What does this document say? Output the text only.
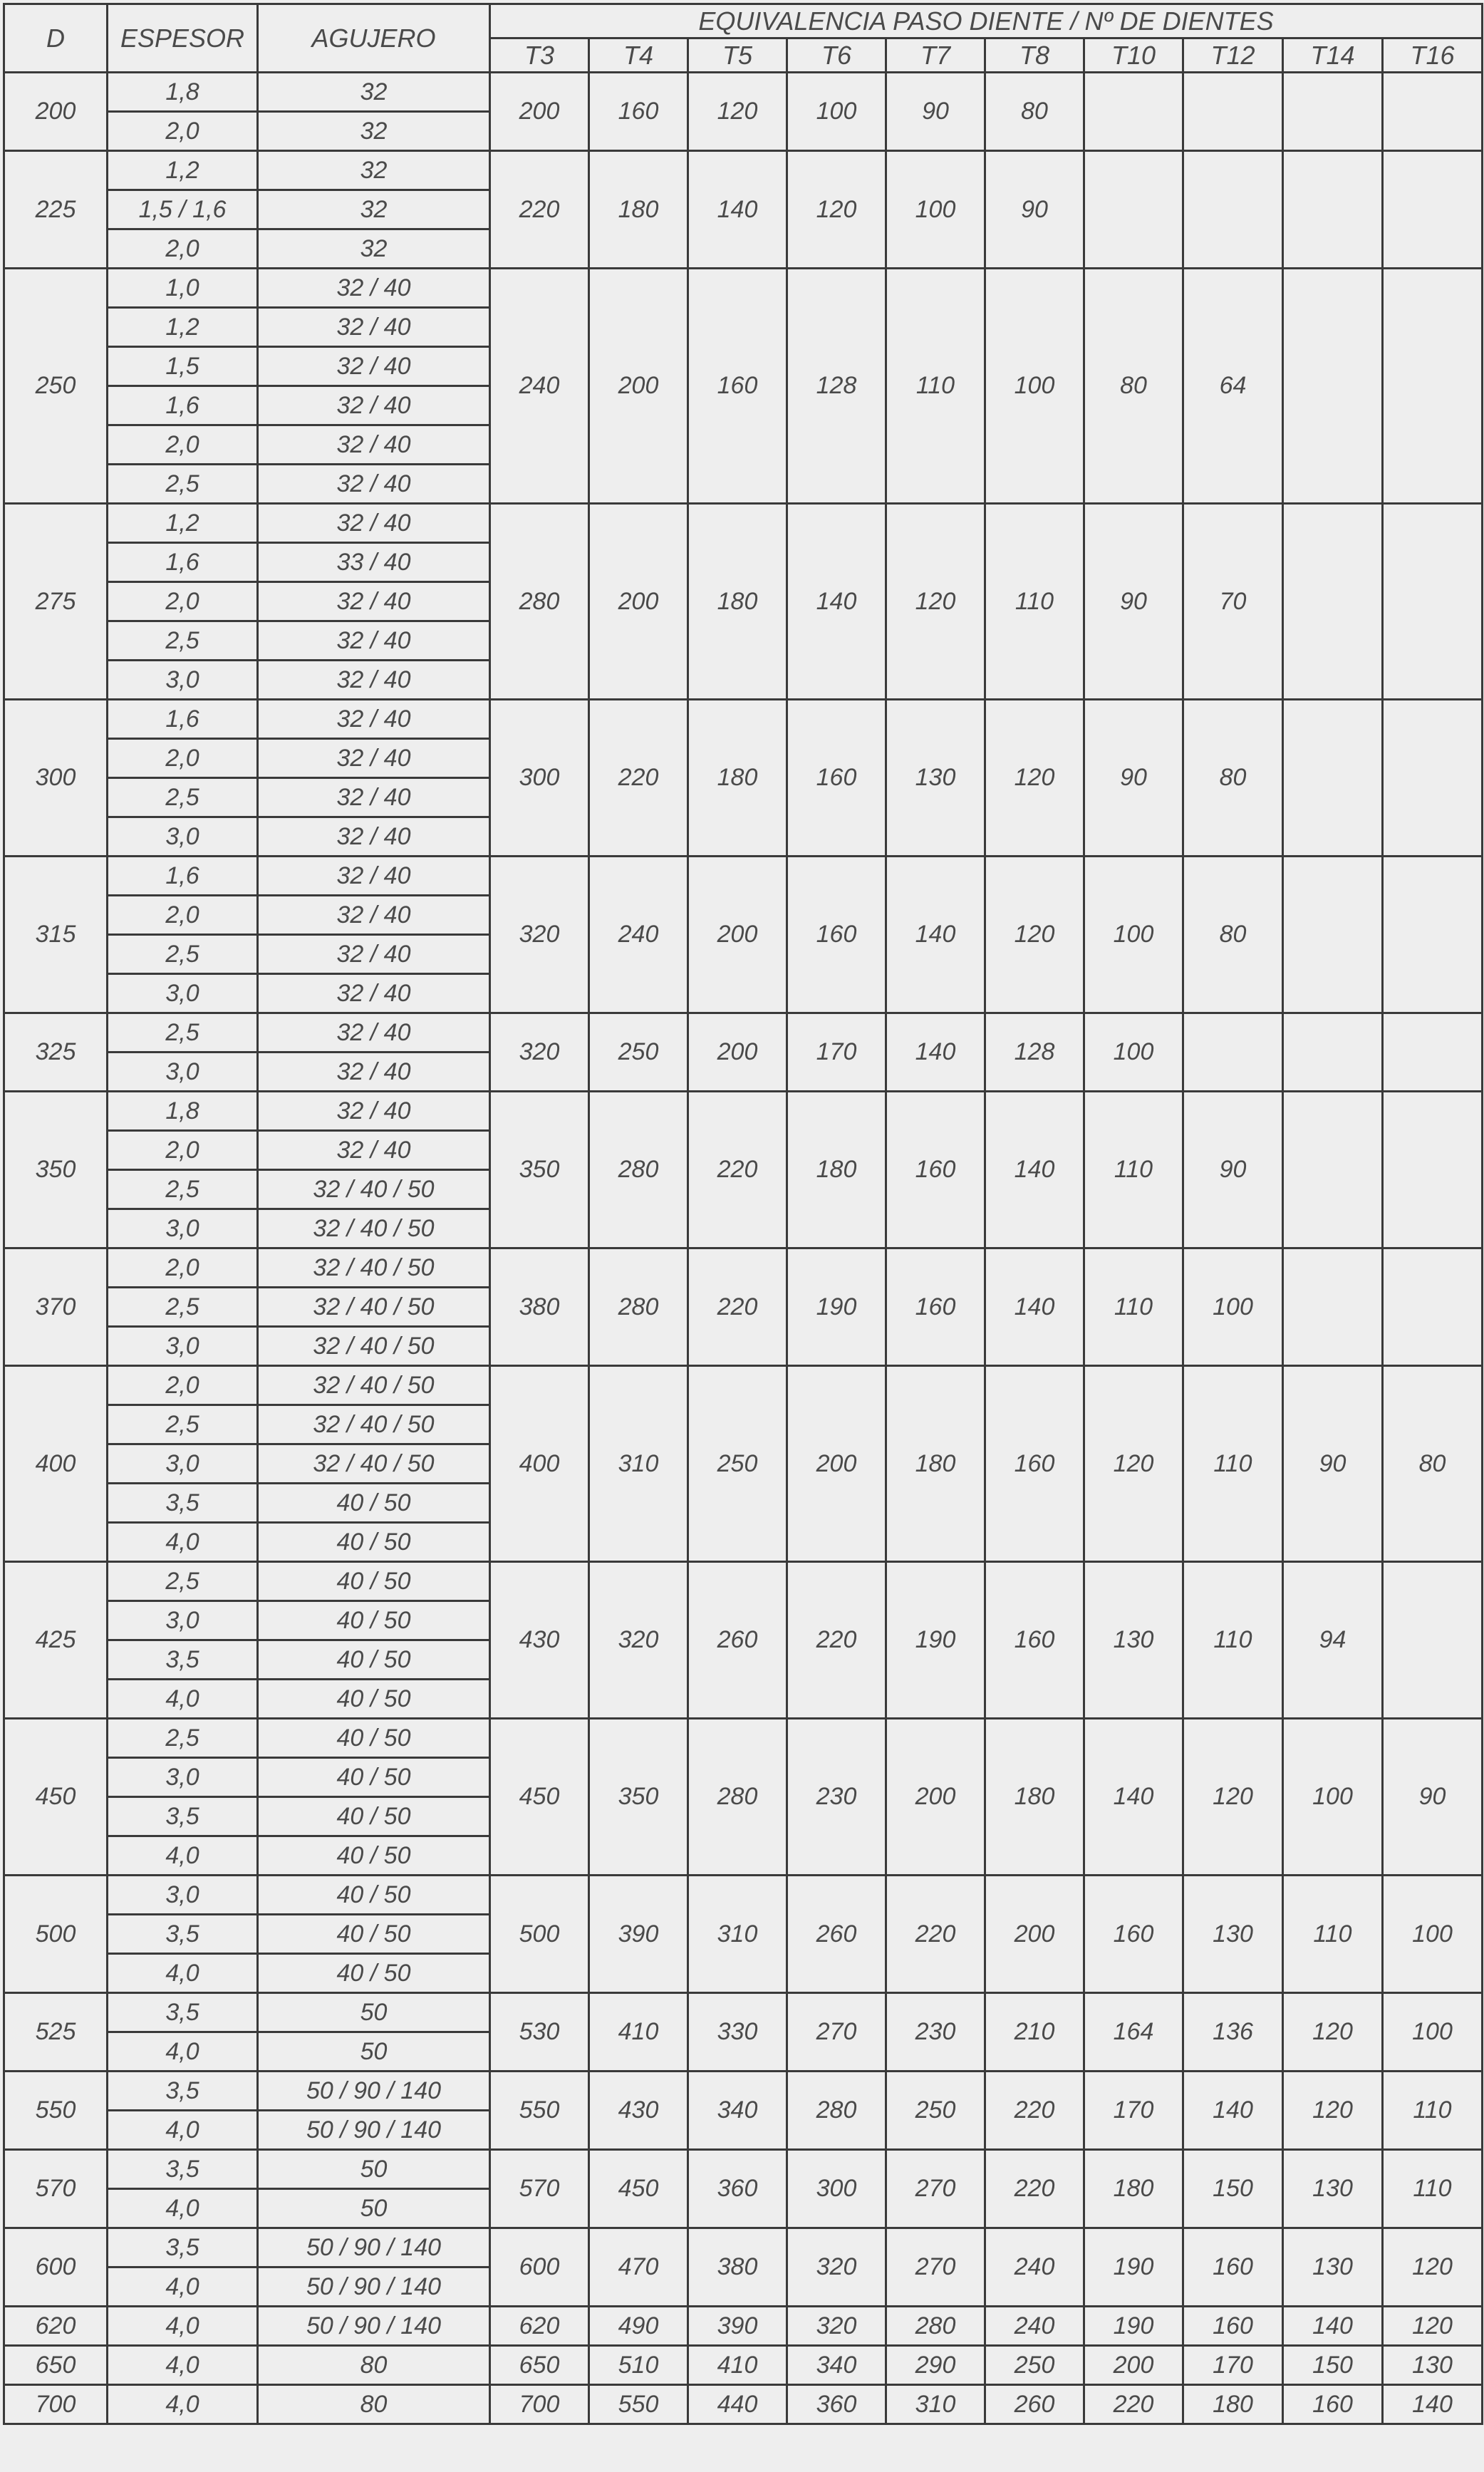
D	ESPESOR	AGUJERO	EQUIVALENCIA PASO DIENTE / Nº DE DIENTES									
			T3	T4	T5	T6	T7	T8	T10	T12	T14	T16
200	1,8	32	200	160	120	100	90	80				
	2,0	32										
225	1,2	32	220	180	140	120	100	90				
	1,5 / 1,6	32										
	2,0	32										
250	1,0	32 / 40	240	200	160	128	110	100	80	64		
	1,2	32 / 40										
	1,5	32 / 40										
	1,6	32 / 40										
	2,0	32 / 40										
	2,5	32 / 40										
275	1,2	32 / 40	280	200	180	140	120	110	90	70		
	1,6	33 / 40										
	2,0	32 / 40										
	2,5	32 / 40										
	3,0	32 / 40										
300	1,6	32 / 40	300	220	180	160	130	120	90	80		
	2,0	32 / 40										
	2,5	32 / 40										
	3,0	32 / 40										
315	1,6	32 / 40	320	240	200	160	140	120	100	80		
	2,0	32 / 40										
	2,5	32 / 40										
	3,0	32 / 40										
325	2,5	32 / 40	320	250	200	170	140	128	100			
	3,0	32 / 40										
350	1,8	32 / 40	350	280	220	180	160	140	110	90		
	2,0	32 / 40										
	2,5	32 / 40 / 50										
	3,0	32 / 40 / 50										
370	2,0	32 / 40 / 50	380	280	220	190	160	140	110	100		
	2,5	32 / 40 / 50										
	3,0	32 / 40 / 50										
400	2,0	32 / 40 / 50	400	310	250	200	180	160	120	110	90	80
	2,5	32 / 40 / 50										
	3,0	32 / 40 / 50										
	3,5	40 / 50										
	4,0	40 / 50										
425	2,5	40 / 50	430	320	260	220	190	160	130	110	94	
	3,0	40 / 50										
	3,5	40 / 50										
	4,0	40 / 50										
450	2,5	40 / 50	450	350	280	230	200	180	140	120	100	90
	3,0	40 / 50										
	3,5	40 / 50										
	4,0	40 / 50										
500	3,0	40 / 50	500	390	310	260	220	200	160	130	110	100
	3,5	40 / 50										
	4,0	40 / 50										
525	3,5	50	530	410	330	270	230	210	164	136	120	100
	4,0	50										
550	3,5	50 / 90 / 140	550	430	340	280	250	220	170	140	120	110
	4,0	50 / 90 / 140										
570	3,5	50	570	450	360	300	270	220	180	150	130	110
	4,0	50										
600	3,5	50 / 90 / 140	600	470	380	320	270	240	190	160	130	120
	4,0	50 / 90 / 140										
620	4,0	50 / 90 / 140	620	490	390	320	280	240	190	160	140	120
650	4,0	80	650	510	410	340	290	250	200	170	150	130
700	4,0	80	700	550	440	360	310	260	220	180	160	140
